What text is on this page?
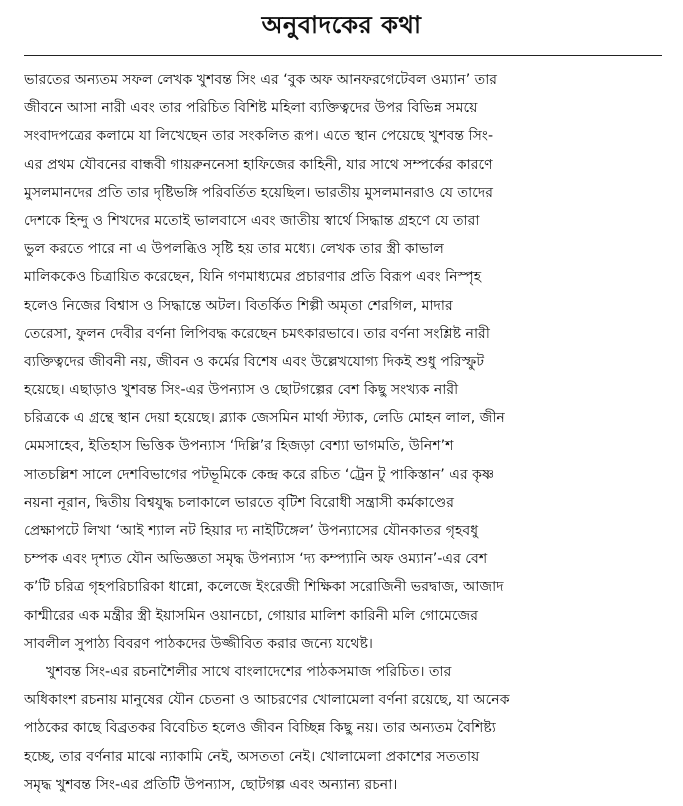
অনুবাদকের কথা
ভারতের অন্যতম সফল লেখক খুশবন্ত সিং এর ‘বুক অফ আনফরগেটেবল ওম্যান’ তার
জীবনে আসা নারী এবং তার পরিচিত বিশিষ্ট মহিলা ব্যক্তিত্বদের উপর বিভিন্ন সময়ে
সংবাদপত্রের কলামে যা লিখেছেন তার সংকলিত রূপ। এতে স্থান পেয়েছে খুশবন্ত সিং-
এর প্রথম যৌবনের বান্ধবী গায়রুননেসা হাফিজের কাহিনী, যার সাথে সম্পর্কের কারণে
মুসলমানদের প্রতি তার দৃষ্টিভঙ্গি পরিবর্তিত হয়েছিল। ভারতীয় মুসলমানরাও যে তাদের
দেশকে হিন্দু ও শিখদের মতোই ভালবাসে এবং জাতীয় স্বার্থে সিদ্ধান্ত গ্রহণে যে তারা
ভুল করতে পারে না এ উপলব্ধিও সৃষ্টি হয় তার মধ্যে। লেখক তার স্ত্রী কাভাল
মালিককেও চিত্রায়িত করেছেন, যিনি গণমাধ্যমের প্রচারণার প্রতি বিরূপ এবং নিস্পৃহ
হলেও নিজের বিশ্বাস ও সিদ্ধান্তে অটল। বিতর্কিত শিল্পী অমৃতা শেরগিল, মাদার
তেরেসা, ফুলন দেবীর বর্ণনা লিপিবদ্ধ করেছেন চমৎকারভাবে। তার বর্ণনা সংশ্লিষ্ট নারী
ব্যক্তিত্বদের জীবনী নয়, জীবন ও কর্মের বিশেষ এবং উল্লেখযোগ্য দিকই শুধু পরিস্ফুট
হয়েছে। এছাড়াও খুশবন্ত সিং-এর উপন্যাস ও ছোটগল্পের বেশ কিছু সংখ্যক নারী
চরিত্রকে এ গ্রন্থে স্থান দেয়া হয়েছে। ব্ল্যাক জেসমিন মার্থা স্ট্যাক, লেডি মোহন লাল, জীন
মেমসাহেব, ইতিহাস ভিত্তিক উপন্যাস ‘দিল্লি’র হিজড়া বেশ্যা ভাগমতি, উনিশ’শ
সাতচল্লিশ সালে দেশবিভাগের পটভূমিকে কেন্দ্র করে রচিত ‘ট্রেন টু পাকিস্তান’ এর কৃষ্ণ
নয়না নূরান, দ্বিতীয় বিশ্বযুদ্ধ চলাকালে ভারতে বৃটিশ বিরোধী সন্ত্রাসী কর্মকাণ্ডের
প্রেক্ষাপটে লিখা ‘আই শ্যাল নট হিয়ার দ্য নাইটিঙ্গেল’ উপন্যাসের যৌনকাতর গৃহবধু
চম্পক এবং দৃশ্যত যৌন অভিজ্ঞতা সমৃদ্ধ উপন্যাস ‘দ্য কম্প্যানি অফ ওম্যান’-এর বেশ
ক’টি চরিত্র গৃহপরিচারিকা ধান্নো, কলেজে ইংরেজী শিক্ষিকা সরোজিনী ভরদ্বাজ, আজাদ
কাশ্মীরের এক মন্ত্রীর স্ত্রী ইয়াসমিন ওয়ানচো, গোয়ার মালিশ কারিনী মলি গোমেজের
সাবলীল সুপাঠ্য বিবরণ পাঠকদের উজ্জীবিত করার জন্যে যথেষ্ট।
খুশবন্ত সিং-এর রচনাশৈলীর সাথে বাংলাদেশের পাঠকসমাজ পরিচিত। তার
অধিকাংশ রচনায় মানুষের যৌন চেতনা ও আচরণের খোলামেলা বর্ণনা রয়েছে, যা অনেক
পাঠকের কাছে বিব্রতকর বিবেচিত হলেও জীবন বিচ্ছিন্ন কিছু নয়। তার অন্যতম বৈশিষ্ট্য
হচ্ছে, তার বর্ণনার মাঝে ন্যাকামি নেই, অসততা নেই। খোলামেলা প্রকাশের সততায়
সমৃদ্ধ খুশবন্ত সিং-এর প্রতিটি উপন্যাস, ছোটগল্প এবং অন্যান্য রচনা।
